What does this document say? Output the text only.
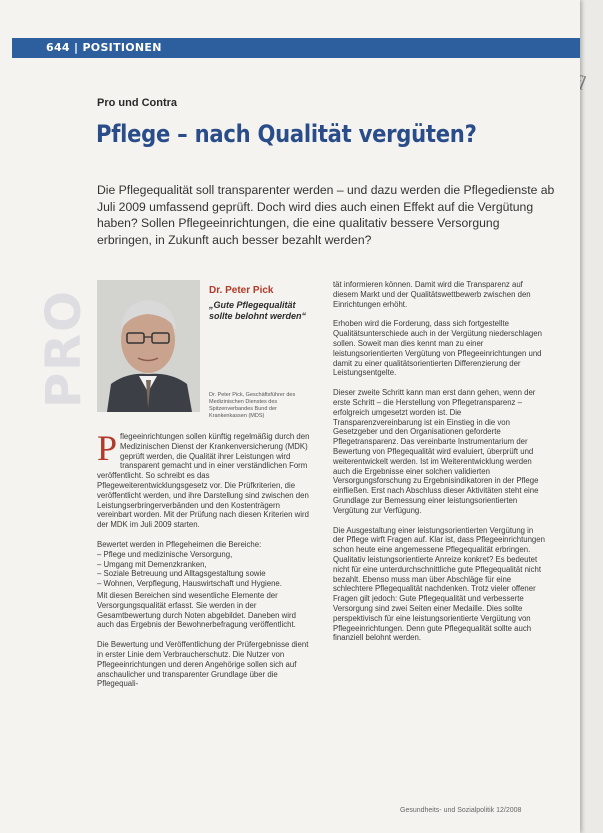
644 | POSITIONEN
Pro und Contra
Pflege – nach Qualität vergüten?
Die Pflegequalität soll transparenter werden – und dazu werden die Pflegedienste ab Juli 2009 umfassend geprüft. Doch wird dies auch einen Effekt auf die Vergütung haben? Sollen Pflegeeinrichtungen, die eine qualitativ bessere Versorgung erbringen, in Zukunft auch besser bezahlt werden?
PRO	Dr. Peter Pick
„Gute Pflegequalität sollte belohnt werden“
Dr. Peter Pick, Geschäftsführer des Medizinischen Dienstes des Spitzenverbandes Bund der Krankenkassen (MDS)

Pflegeeinrichtungen sollen künftig regelmäßig durch den Medizinischen Dienst der Krankenversicherung (MDK) geprüft werden, die Qualität ihrer Leistungen wird transparent gemacht und in einer verständlichen Form veröffentlicht. So schreibt es das Pflegeweiterentwicklungsgesetz vor. Die Prüfkriterien, die veröffentlicht werden, und ihre Darstellung sind zwischen den Leistungserbringerverbänden und den Kostenträgern vereinbart worden. Mit der Prüfung nach diesen Kriterien wird der MDK im Juli 2009 starten.

Bewertet werden in Pflegeheimen die Bereiche:

– Pflege und medizinische Versorgung,
– Umgang mit Demenzkranken,
– Soziale Betreuung und Alltagsgestaltung sowie
– Wohnen, Verpflegung, Hauswirtschaft und Hygiene.

Mit diesen Bereichen sind wesentliche Elemente der Versorgungsqualität erfasst. Sie werden in der Gesamtbewertung durch Noten abgebildet. Daneben wird auch das Ergebnis der Bewohnerbefragung veröffentlicht.

Die Bewertung und Veröffentlichung der Prüfergebnisse dient in erster Linie dem Verbraucherschutz. Die Nutzer von Pflegeeinrichtungen und deren Angehörige sollen sich auf anschaulicher und transparenter Grundlage über die Pflegequali-

tät informieren können. Damit wird die Transparenz auf diesem Markt und der Qualitätswettbewerb zwischen den Einrichtungen erhöht.

Erhoben wird die Forderung, dass sich fortgestellte Qualitätsunterschiede auch in der Vergütung niederschlagen sollen. Soweit man dies kennt man zu einer leistungsorientierten Vergütung von Pflegeeinrichtungen und damit zu einer qualitätsorientierten Differenzierung der Leistungsentgelte.

Dieser zweite Schritt kann man erst dann gehen, wenn der erste Schritt – die Herstellung von Pflegetransparenz – erfolgreich umgesetzt worden ist. Die Transparenzvereinbarung ist ein Einstieg in die von Gesetzgeber und den Organisationen geforderte Pflegetransparenz. Das vereinbarte Instrumentarium der Bewertung von Pflegequalität wird evaluiert, überprüft und weiterentwickelt werden. Ist im Weiterentwicklung werden auch die Ergebnisse einer solchen validierten Versorgungsforschung zu Ergebnisindikatoren in der Pflege einfließen. Erst nach Abschluss dieser Aktivitäten steht eine Grundlage zur Bemessung einer leistungsorientierten Vergütung zur Verfügung.

Die Ausgestaltung einer leistungsorientierten Vergütung in der Pflege wirft Fragen auf. Klar ist, dass Pflegeeinrichtungen schon heute eine angemessene Pflegequalität erbringen. Qualitativ leistungsorientierte Anreize konkret? Es bedeutet nicht für eine unterdurchschnittliche gute Pflegequalität nicht bezahlt. Ebenso muss man über Abschläge für eine schlechtere Pflegequalität nachdenken. Trotz vieler offener Fragen gilt jedoch: Gute Pflegequalität und verbesserte Versorgung sind zwei Seiten einer Medaille. Dies sollte perspektivisch für eine leistungsorientierte Vergütung von Pflegeeinrichtungen. Denn gute Pflegequalität sollte auch finanziell belohnt werden.

Gesundheits- und Sozialpolitik 12/2008
